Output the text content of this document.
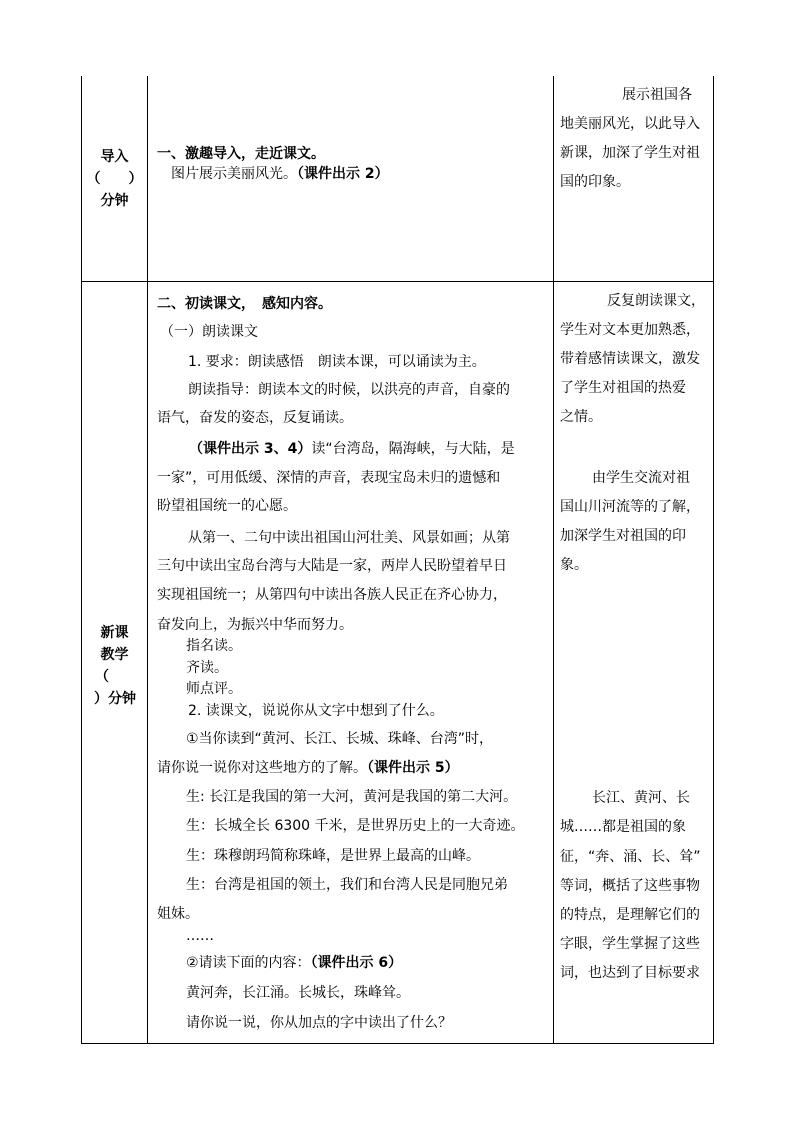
导入
（　　）
分钟
一、激趣导入，走近课文。
图片展示美丽风光。（课件出示 2）
展示祖国各
地美丽风光，以此导入
新课，加深了学生对祖
国的印象。
新课
教学
（
）分钟
二、初读课文，　感知内容。
（一）朗读课文
1. 要求：朗读感悟　朗读本课，可以诵读为主。
朗读指导：朗读本文的时候，以洪亮的声音，自豪的
语气，奋发的姿态，反复诵读。
（课件出示 3、4）读“台湾岛，隔海峡，与大陆，是
一家”，可用低缓、深情的声音，表现宝岛未归的遗憾和
盼望祖国统一的心愿。
从第一、二句中读出祖国山河壮美、风景如画；从第
三句中读出宝岛台湾与大陆是一家，两岸人民盼望着早日
实现祖国统一；从第四句中读出各族人民正在齐心协力，
奋发向上，为振兴中华而努力。
指名读。
齐读。
师点评。
2. 读课文，说说你从文字中想到了什么。
①当你读到“黄河、长江、长城、珠峰、台湾”时，
请你说一说你对这些地方的了解。（课件出示 5）
生: 长江是我国的第一大河，黄河是我国的第二大河。
生：长城全长 6300 千米，是世界历史上的一大奇迹。
生：珠穆朗玛简称珠峰，是世界上最高的山峰。
生：台湾是祖国的领土，我们和台湾人民是同胞兄弟
姐妹。
……
②请读下面的内容：（课件出示 6）
黄河奔，长江涌。长城长，珠峰耸。
请你说一说，你从加点的字中读出了什么？
反复朗读课文，
学生对文本更加熟悉，
带着感情读课文，激发
了学生对祖国的热爱
之情。
由学生交流对祖
国山川河流等的了解，
加深学生对祖国的印
象。
长江、黄河、长
城……都是祖国的象
征，“奔、涌、长、耸”
等词，概括了这些事物
的特点，是理解它们的
字眼，学生掌握了这些
词，也达到了目标要求
